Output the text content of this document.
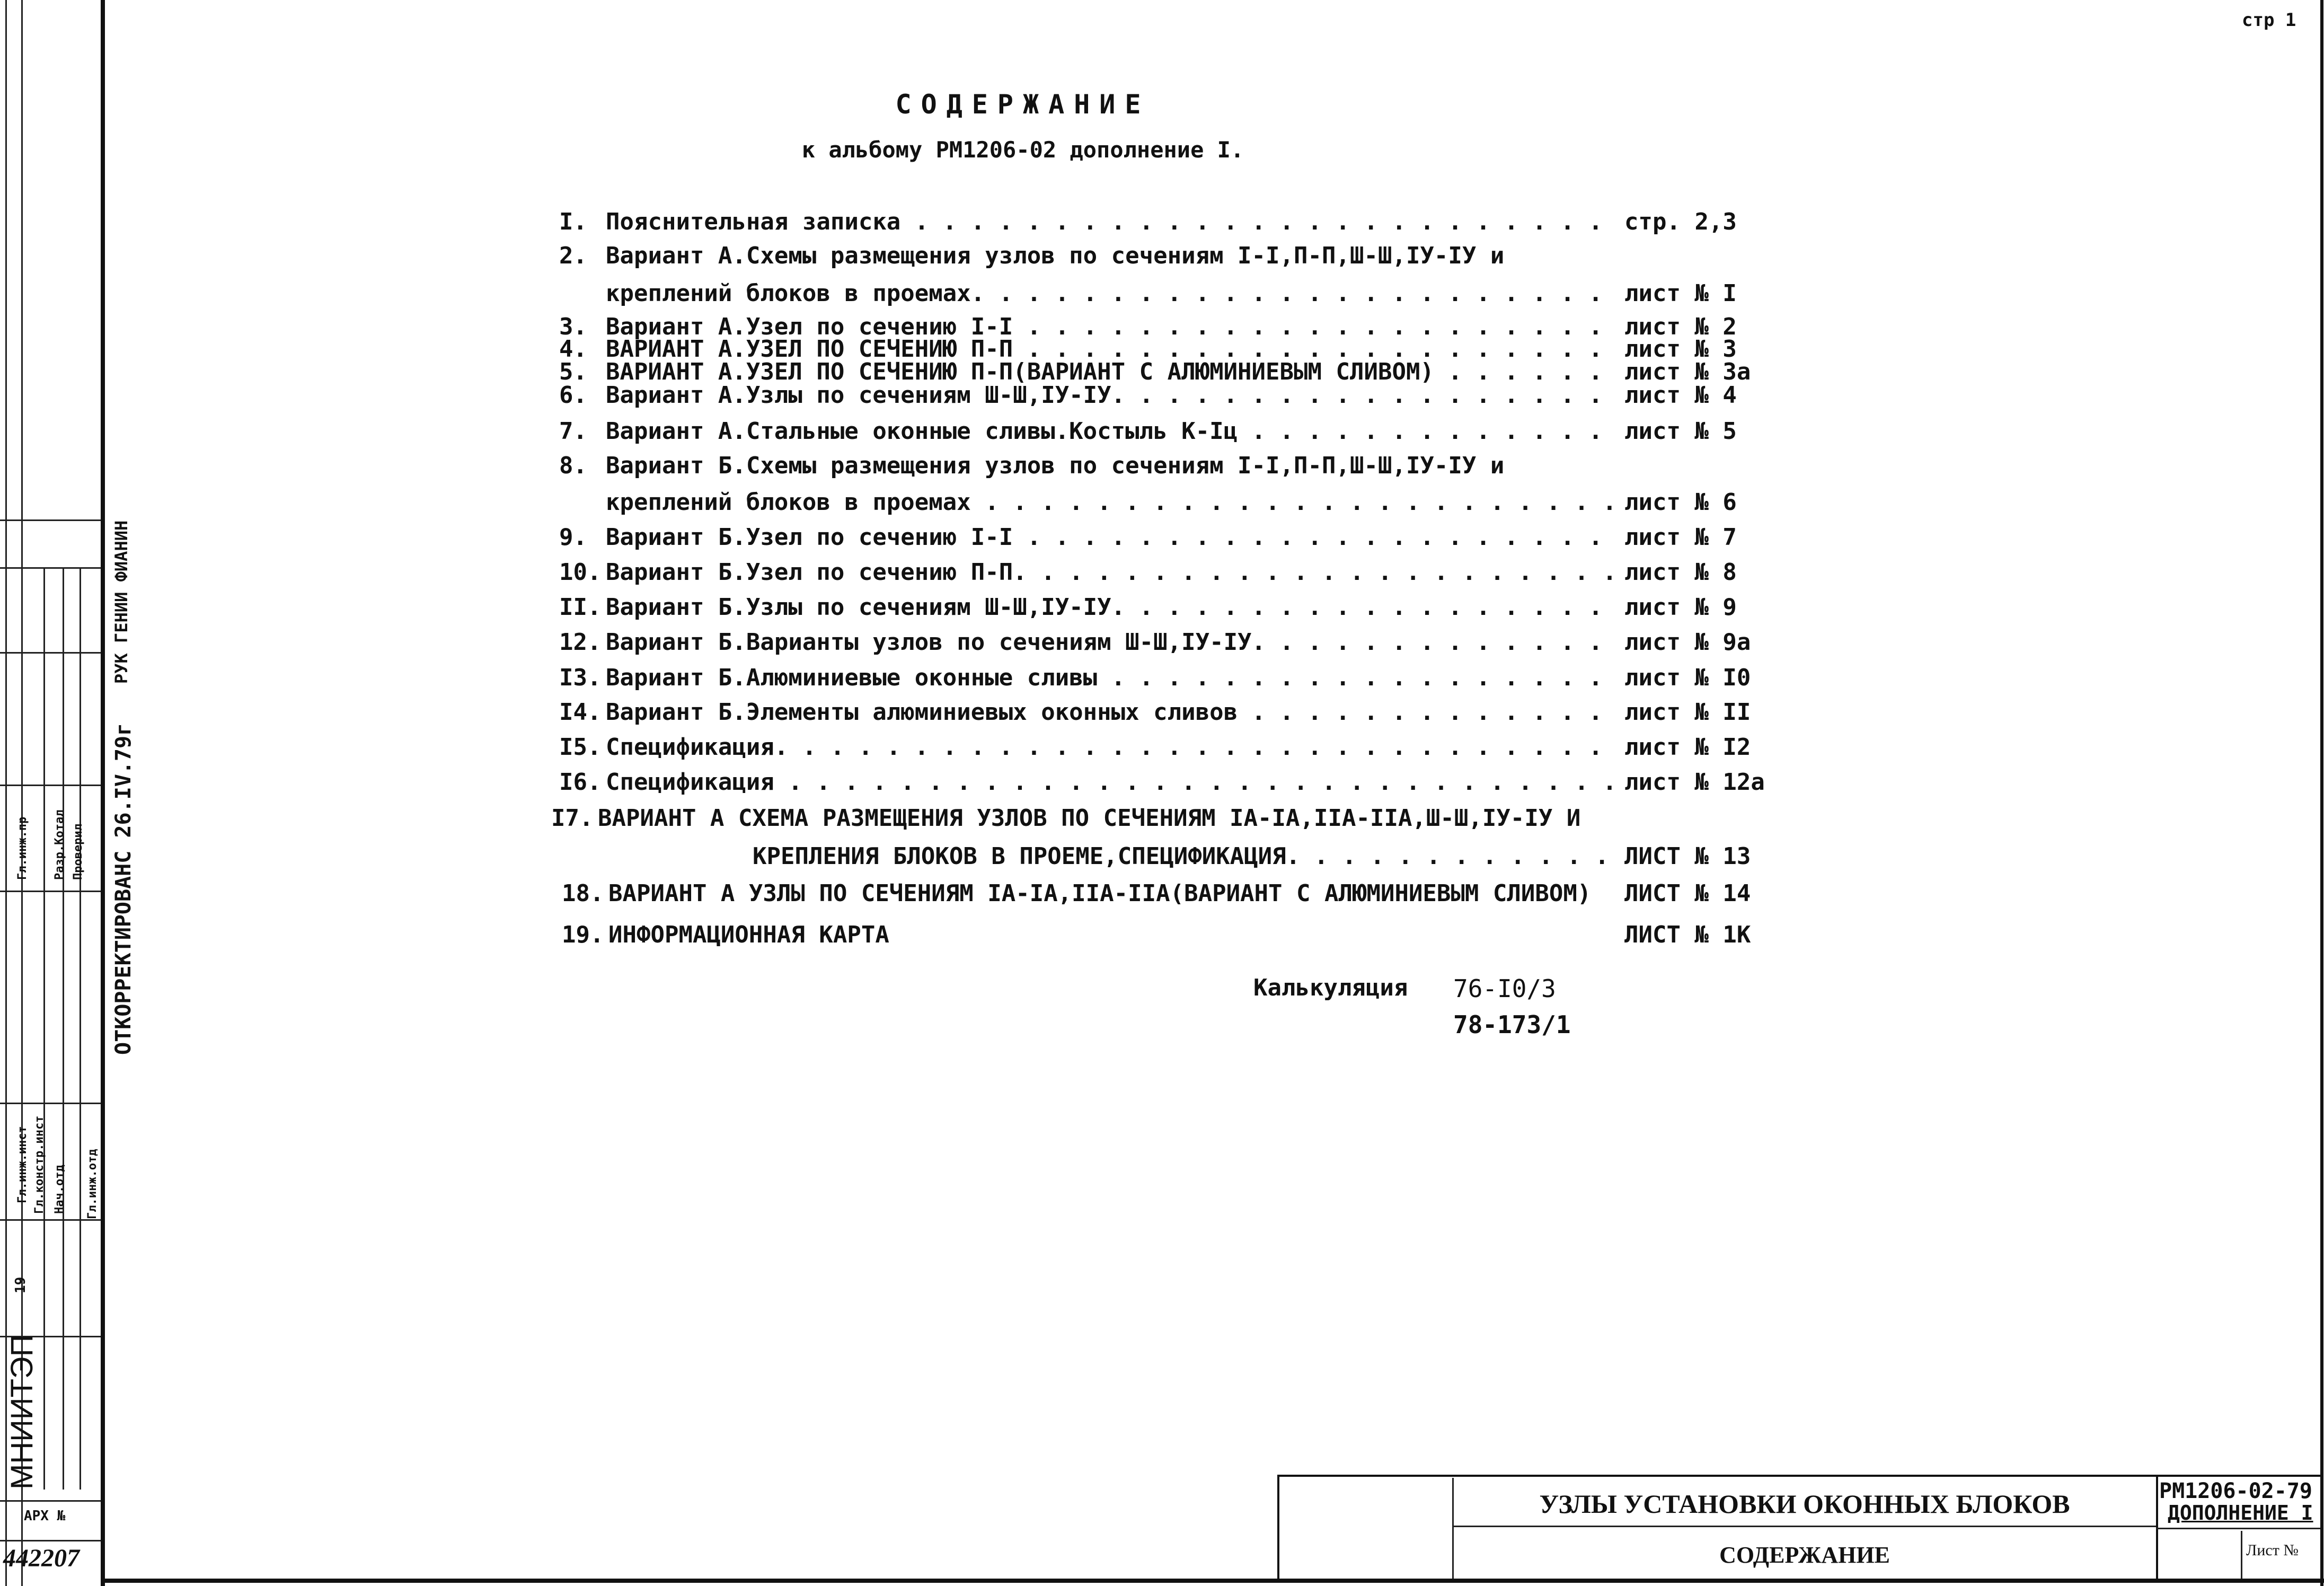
Гл.инж.пр
Гл.инж.инст Гл.констр.инст Нач.отд Гл.инж.отд
Разр.Котал Проверил
19
ОТКОРРЕКТИРОВАНС 26.IV.79г
РУК ГЕНИИ ФИАНИН
МНИИТЭП
АРХ №
442207
стр 1
СОДЕРЖАНИЕ
к альбому РМ1206-02 дополнение I.
I. Пояснительная записка . . .	стр. 2,3
2. Вариант А.Схемы размещения узлов по сечениям I-I,П-П,Ш-Ш,IУ-IУ и
креплений блоков в проемах. . . .	лист № I
3. Вариант А.Узел по сечению I-I . . .	лист № 2
4. ВАРИАНТ А.УЗЕЛ ПО СЕЧЕНИЮ П-П . . .	лист № 3
5. ВАРИАНТ А.УЗЕЛ ПО СЕЧЕНИЮ П-П(ВАРИАНТ С АЛЮМИНИЕВЫМ СЛИВОМ) . . .	лист № 3а
6. Вариант А.Узлы по сечениям Ш-Ш,IУ-IУ. . . .	лист № 4
7. Вариант А.Стальные оконные сливы.Костыль К-Iц . . .	лист № 5
8. Вариант Б.Схемы размещения узлов по сечениям I-I,П-П,Ш-Ш,IУ-IУ и
креплений блоков в проемах . . .	лист № 6
9. Вариант Б.Узел по сечению I-I . . .	лист № 7
10. Вариант Б.Узел по сечению П-П. . . .	лист № 8
II. Вариант Б.Узлы по сечениям Ш-Ш,IУ-IУ. . . .	лист № 9
12. Вариант Б.Варианты узлов по сечениям Ш-Ш,IУ-IУ. . . .	лист № 9а
I3. Вариант Б.Алюминиевые оконные сливы . . .	лист № I0
I4. Вариант Б.Элементы алюминиевых оконных сливов . . .	лист № II
I5. Спецификация. . . .	лист № I2
I6. Спецификация . . .	лист № 12а
I7. ВАРИАНТ А СХЕМА РАЗМЕЩЕНИЯ УЗЛОВ ПО СЕЧЕНИЯМ IА-IА,IIА-IIА,Ш-Ш,IУ-IУ И
КРЕПЛЕНИЯ БЛОКОВ В ПРОЕМЕ,СПЕЦИФИКАЦИЯ. . . .	ЛИСТ № 13
18. ВАРИАНТ А УЗЛЫ ПО СЕЧЕНИЯМ IА-IА,IIА-IIА(ВАРИАНТ С АЛЮМИНИЕВЫМ СЛИВОМ)	ЛИСТ № 14
19. ИНФОРМАЦИОННАЯ КАРТА	ЛИСТ № 1К
Калькуляция 76-I0/3
78-173/1
УЗЛЫ УСТАНОВКИ ОКОННЫХ БЛОКОВ
СОДЕРЖАНИЕ
РМ1206-02-79
ДОПОЛНЕНИЕ I
Лист №
